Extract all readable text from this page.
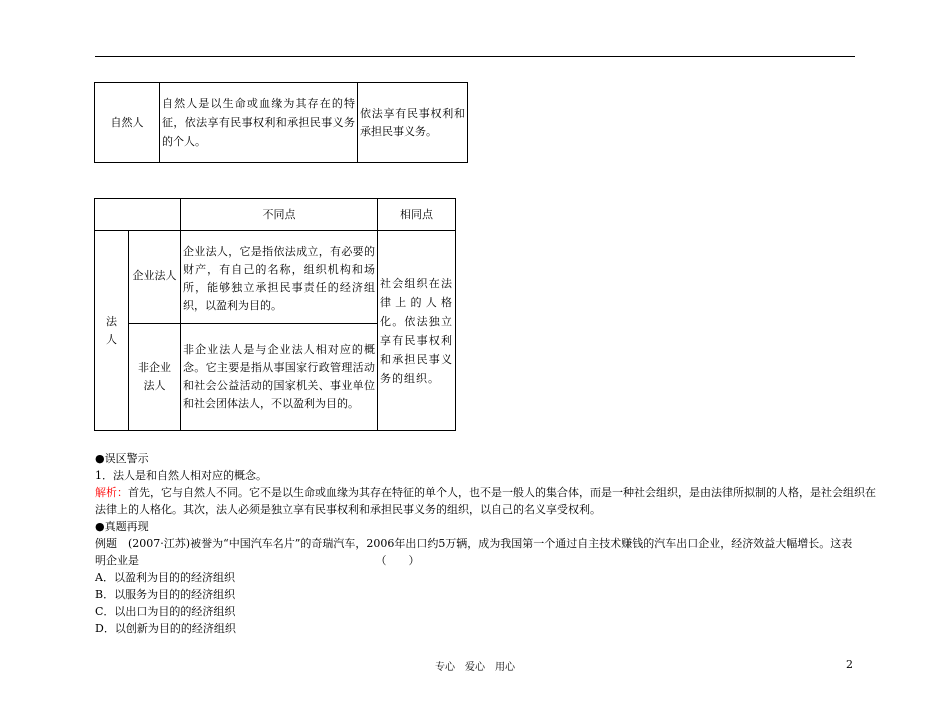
自然人	自然人是以生命或血缘为其存在的特征，依法享有民事权利和承担民事义务的个人。	依法享有民事权利和承担民事义务。
		不同点	相同点
法人	企业法人	企业法人，它是指依法成立，有必要的财产，有自己的名称，组织机构和场所，能够独立承担民事责任的经济组织，以盈利为目的。	社会组织在法律上的人格化。依法独立享有民事权利和承担民事义务的组织。
	非企业法人	非企业法人是与企业法人相对应的概念。它主要是指从事国家行政管理活动和社会公益活动的国家机关、事业单位和社会团体法人，不以盈利为目的。	
●误区警示
1．法人是和自然人相对应的概念。
解析：首先，它与自然人不同。它不是以生命或血缘为其存在特征的单个人，也不是一般人的集合体，而是一种社会组织，是由法律所拟制的人格，是社会组织在
法律上的人格化。其次，法人必须是独立享有民事权利和承担民事义务的组织，以自己的名义享受权利。
●真题再现
例题　(2007·江苏)被誉为“中国汽车名片”的奇瑞汽车，2006年出口约5万辆，成为我国第一个通过自主技术赚钱的汽车出口企业，经济效益大幅增长。这表
明企业是　　　　　　　　　　　　　　　　　　　　　　（　　）
A．以盈利为目的的经济组织
B．以服务为目的的经济组织
C．以出口为目的的经济组织
D．以创新为目的的经济组织
专心　爱心　用心	2
